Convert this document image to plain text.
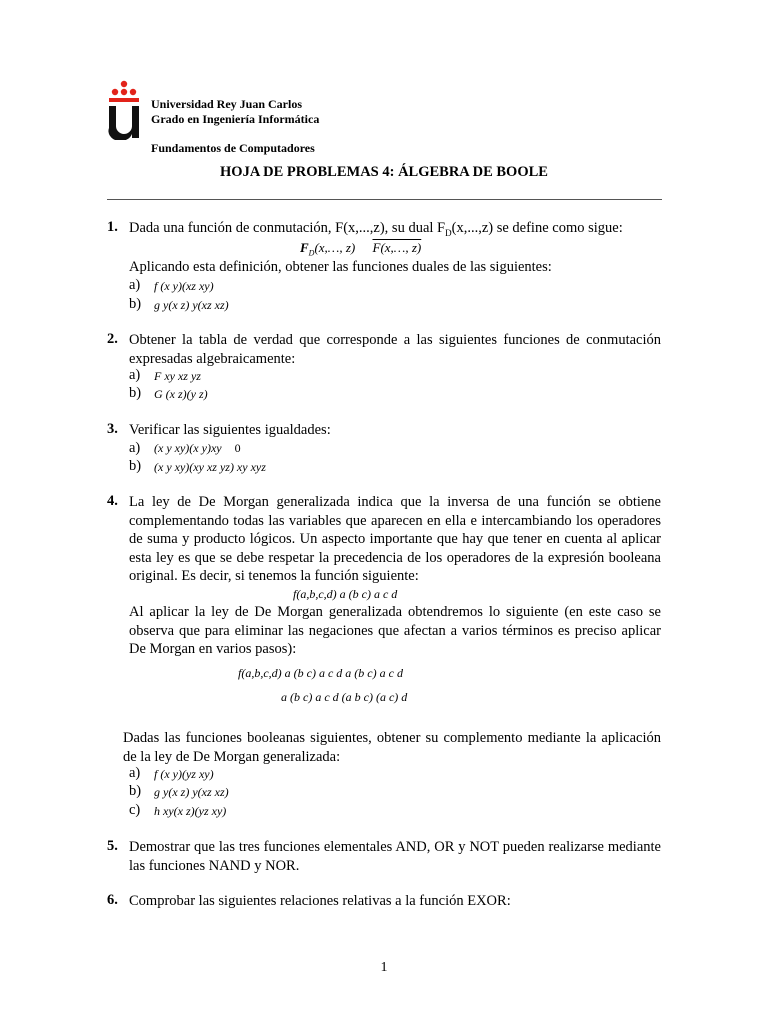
Universidad Rey Juan Carlos
Grado en Ingeniería Informática
Fundamentos de Computadores
HOJA DE PROBLEMAS 4: ÁLGEBRA DE BOOLE
1. Dada una función de conmutación, F(x,...,z), su dual $F_D(x,...,z)$ se define como sigue:
$F_D(x,\dots$, z) F(x,…, z)
Aplicando esta definición, obtener las funciones duales de las siguientes:
a) f (x y)(xz xy)
b) g y(x z) y(xz xz)
2. Obtener la tabla de verdad que corresponde a las siguientes funciones de conmutación expresadas algebraicamente:
a) F xy xz yz
b) G (x z)(y z)
3. Verificar las siguientes igualdades:
a) (x y xy)(x y)xy 0
b) (x y xy)(xy xz yz) xy xyz
4. La ley de De Morgan generalizada indica que la inversa de una función se obtiene complementando todas las variables que aparecen en ella e intercambiando los operadores de suma y producto lógicos. Un aspecto importante que hay que tener en cuenta al aplicar esta ley es que se debe respetar la precedencia de los operadores de la expresión booleana original. Es decir, si tenemos la función siguiente:
f(a,b,c,d) a (b c) a c d
Al aplicar la ley de De Morgan generalizada obtendremos lo siguiente (en este caso se observa que para eliminar las negaciones que afectan a varios términos es preciso aplicar De Morgan en varios pasos):
f(a,b,c,d) a (b c) a c d a (b c) a c d
a (b c) a c d (a b c) (a c) d
Dadas las funciones booleanas siguientes, obtener su complemento mediante la aplicación de la ley de De Morgan generalizada:
a) f (x y)(yz xy)
b) g y(x z) y(xz xz)
c) h xy(x z)(yz xy)
5. Demostrar que las tres funciones elementales AND, OR y NOT pueden realizarse mediante las funciones NAND y NOR.
6. Comprobar las siguientes relaciones relativas a la función EXOR:
1
